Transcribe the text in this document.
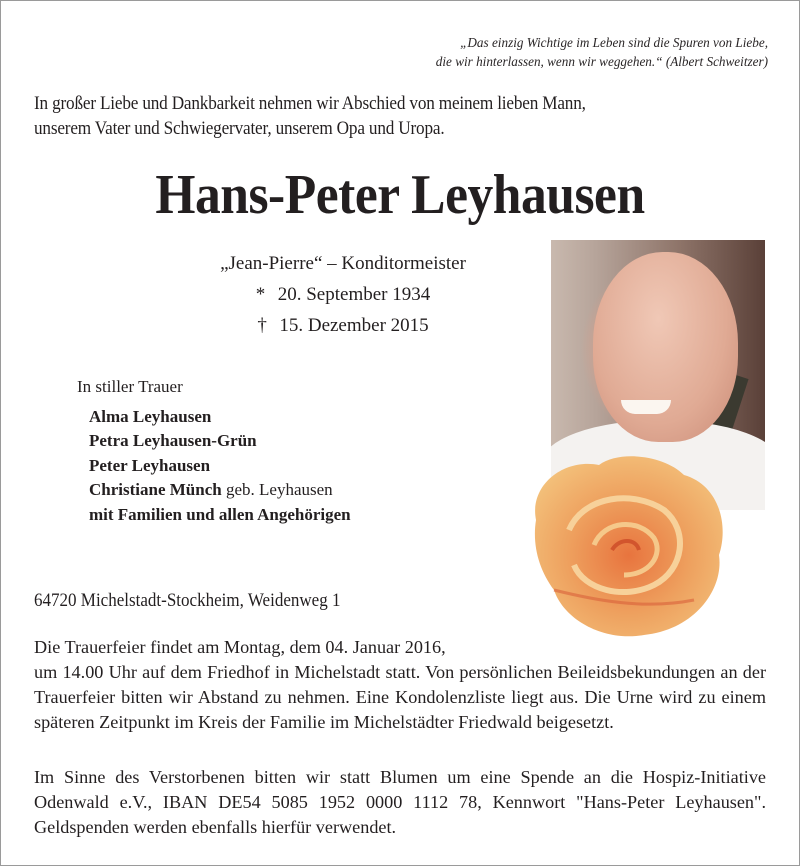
„Das einzig Wichtige im Leben sind die Spuren von Liebe,
die wir hinterlassen, wenn wir weggehen.“ (Albert Schweitzer)
In großer Liebe und Dankbarkeit nehmen wir Abschied von meinem lieben Mann,
unserem Vater und Schwiegervater, unserem Opa und Uropa.
Hans-Peter Leyhausen
„Jean-Pierre“ – Konditormeister
* 20. September 1934
† 15. Dezember 2015
In stiller Trauer
Alma Leyhausen
Petra Leyhausen-Grün
Peter Leyhausen
Christiane Münch geb. Leyhausen
mit Familien und allen Angehörigen
64720 Michelstadt-Stockheim, Weidenweg 1

Die Trauerfeier findet am Montag, dem 04. Januar 2016,

um 14.00 Uhr auf dem Friedhof in Michelstadt statt. Von persönlichen Beileidsbekundungen an der Trauerfeier bitten wir Abstand zu nehmen. Eine Kondolenzliste liegt aus. Die Urne wird zu einem späteren Zeitpunkt im Kreis der Familie im Michelstädter Friedwald beigesetzt.

Im Sinne des Verstorbenen bitten wir statt Blumen um eine Spende an die Hospiz-Initiative Odenwald e.V., IBAN DE54 5085 1952 0000 1112 78, Kennwort "Hans-Peter Leyhausen". Geldspenden werden ebenfalls hierfür verwendet.
